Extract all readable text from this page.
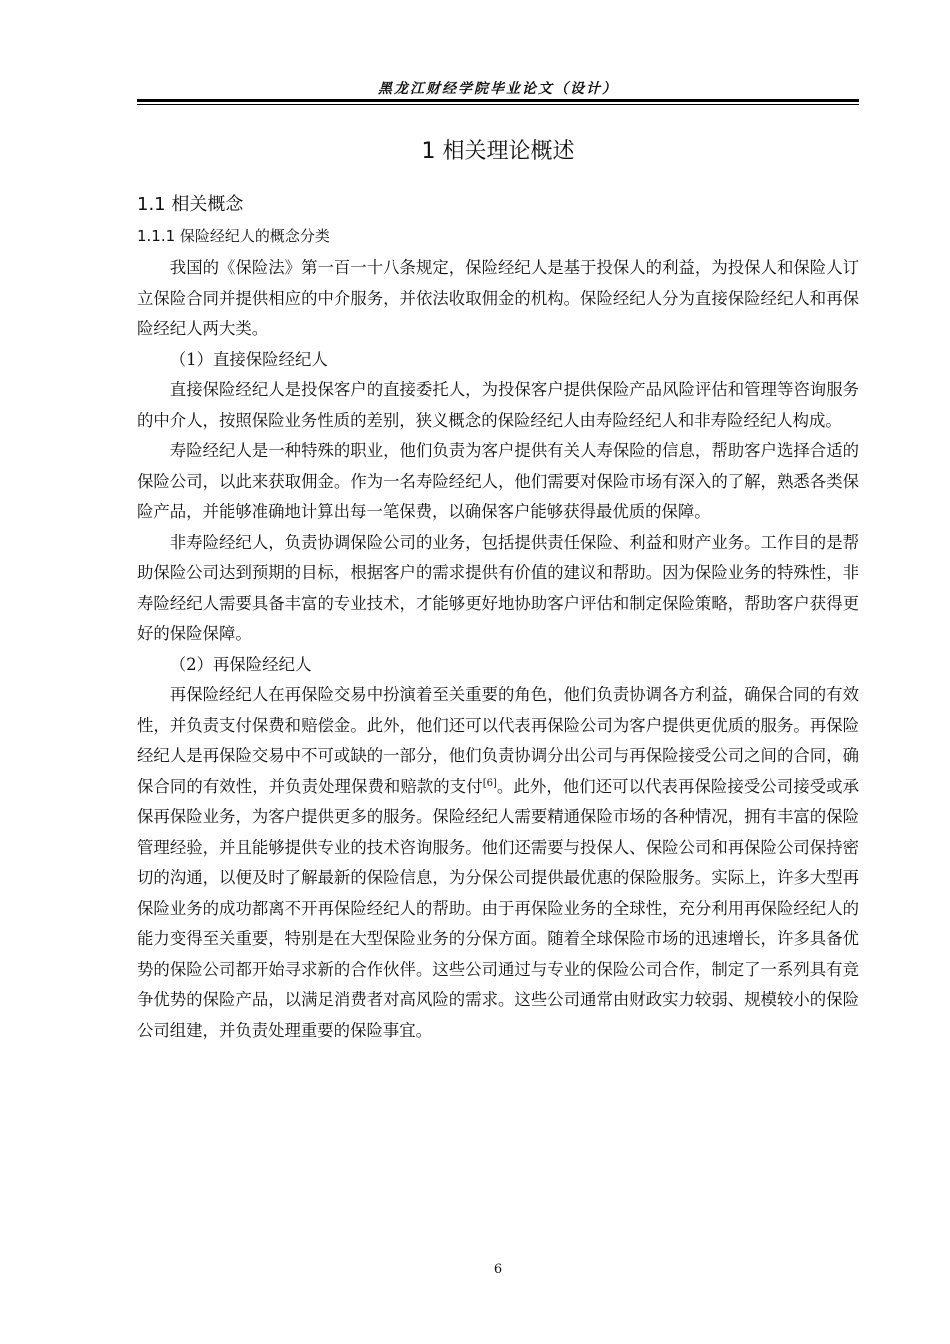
黑龙江财经学院毕业论文（设计）
1 相关理论概述
1.1 相关概念
1.1.1 保险经纪人的概念分类

我国的《保险法》第一百一十八条规定，保险经纪人是基于投保人的利益，为投保人和保险人订立保险合同并提供相应的中介服务，并依法收取佣金的机构。保险经纪人分为直接保险经纪人和再保险经纪人两大类。

（1）直接保险经纪人

直接保险经纪人是投保客户的直接委托人，为投保客户提供保险产品风险评估和管理等咨询服务的中介人，按照保险业务性质的差别，狭义概念的保险经纪人由寿险经纪人和非寿险经纪人构成。

寿险经纪人是一种特殊的职业，他们负责为客户提供有关人寿保险的信息，帮助客户选择合适的保险公司，以此来获取佣金。作为一名寿险经纪人，他们需要对保险市场有深入的了解，熟悉各类保险产品，并能够准确地计算出每一笔保费，以确保客户能够获得最优质的保障。

非寿险经纪人，负责协调保险公司的业务，包括提供责任保险、利益和财产业务。工作目的是帮助保险公司达到预期的目标，根据客户的需求提供有价值的建议和帮助。因为保险业务的特殊性，非寿险经纪人需要具备丰富的专业技术，才能够更好地协助客户评估和制定保险策略，帮助客户获得更好的保险保障。

（2）再保险经纪人

再保险经纪人在再保险交易中扮演着至关重要的角色，他们负责协调各方利益，确保合同的有效性，并负责支付保费和赔偿金。此外，他们还可以代表再保险公司为客户提供更优质的服务。再保险经纪人是再保险交易中不可或缺的一部分，他们负责协调分出公司与再保险接受公司之间的合同，确保合同的有效性，并负责处理保费和赔款的支付[6]。此外，他们还可以代表再保险接受公司接受或承保再保险业务，为客户提供更多的服务。保险经纪人需要精通保险市场的各种情况，拥有丰富的保险管理经验，并且能够提供专业的技术咨询服务。他们还需要与投保人、保险公司和再保险公司保持密切的沟通，以便及时了解最新的保险信息，为分保公司提供最优惠的保险服务。实际上，许多大型再保险业务的成功都离不开再保险经纪人的帮助。由于再保险业务的全球性，充分利用再保险经纪人的能力变得至关重要，特别是在大型保险业务的分保方面。随着全球保险市场的迅速增长，许多具备优势的保险公司都开始寻求新的合作伙伴。这些公司通过与专业的保险公司合作，制定了一系列具有竞争优势的保险产品，以满足消费者对高风险的需求。这些公司通常由财政实力较弱、规模较小的保险公司组建，并负责处理重要的保险事宜。

6
